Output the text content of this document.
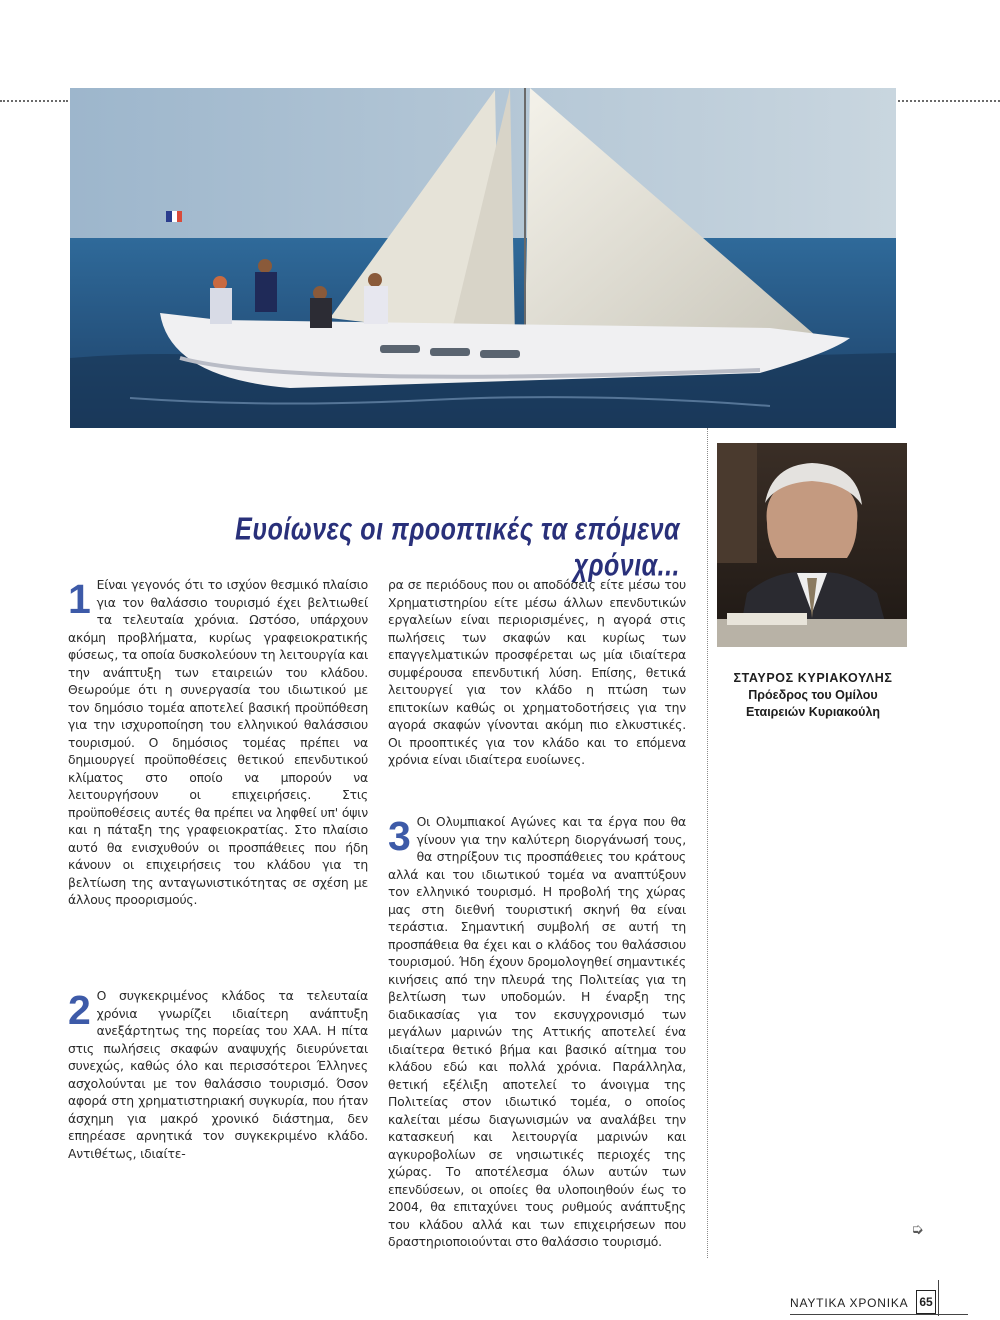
Ευοίωνες οι προοπτικές τα επόμενα χρόνια...
1 Είναι γεγονός ότι το ισχύον θεσμικό πλαίσιο για τον θαλάσσιο τουρισμό έχει βελτιωθεί τα τελευταία χρόνια. Ωστόσο, υπάρχουν ακόμη προβλήματα, κυρίως γραφειοκρατικής φύσεως, τα οποία δυσκολεύουν τη λειτουργία και την ανάπτυξη των εταιρειών του κλάδου. Θεωρούμε ότι η συνεργασία του ιδιωτικού με τον δημόσιο τομέα αποτελεί βασική προϋπόθεση για την ισχυροποίηση του ελληνικού θαλάσσιου τουρισμού. Ο δημόσιος τομέας πρέπει να δημιουργεί προϋποθέσεις θετικού επενδυτικού κλίματος στο οποίο να μπορούν να λειτουργήσουν οι επιχειρήσεις. Στις προϋποθέσεις αυτές θα πρέπει να ληφθεί υπ' όψιν και η πάταξη της γραφειοκρατίας. Στο πλαίσιο αυτό θα ενισχυθούν οι προσπάθειες που ήδη κάνουν οι επιχειρήσεις του κλάδου για τη βελτίωση της ανταγωνιστικότητας σε σχέση με άλλους προορισμούς.

2 Ο συγκεκριμένος κλάδος τα τελευταία χρόνια γνωρίζει ιδιαίτερη ανάπτυξη ανεξάρτητως της πορείας του ΧΑΑ. Η πίτα στις πωλήσεις σκαφών αναψυχής διευρύνεται συνεχώς, καθώς όλο και περισσότεροι Έλληνες ασχολούνται με τον θαλάσσιο τουρισμό. Όσον αφορά στη χρηματιστηριακή συγκυρία, που ήταν άσχημη για μακρό χρονικό διάστημα, δεν επηρέασε αρνητικά τον συγκεκριμένο κλάδο. Αντιθέτως, ιδιαίτε-

ρα σε περιόδους που οι αποδόσεις είτε μέσω του Χρηματιστηρίου είτε μέσω άλλων επενδυτικών εργαλείων είναι περιορισμένες, η αγορά στις πωλήσεις των σκαφών και κυρίως των επαγγελματικών προσφέρεται ως μία ιδιαίτερα συμφέρουσα επενδυτική λύση. Επίσης, θετικά λειτουργεί για τον κλάδο η πτώση των επιτοκίων καθώς οι χρηματοδοτήσεις για την αγορά σκαφών γίνονται ακόμη πιο ελκυστικές. Οι προοπτικές για τον κλάδο και το επόμενα χρόνια είναι ιδιαίτερα ευοίωνες.

3 Οι Ολυμπιακοί Αγώνες και τα έργα που θα γίνουν για την καλύτερη διοργάνωσή τους, θα στηρίξουν τις προσπάθειες του κράτους αλλά και του ιδιωτικού τομέα να αναπτύξουν τον ελληνικό τουρισμό. Η προβολή της χώρας μας στη διεθνή τουριστική σκηνή θα είναι τεράστια. Σημαντική συμβολή σε αυτή τη προσπάθεια θα έχει και ο κλάδος του θαλάσσιου τουρισμού. Ήδη έχουν δρομολογηθεί σημαντικές κινήσεις από την πλευρά της Πολιτείας για τη βελτίωση των υποδομών. Η έναρξη της διαδικασίας για τον εκσυγχρονισμό των μεγάλων μαρινών της Αττικής αποτελεί ένα ιδιαίτερα θετικό βήμα και βασικό αίτημα του κλάδου εδώ και πολλά χρόνια. Παράλληλα, θετική εξέλιξη αποτελεί το άνοιγμα της Πολιτείας στον ιδιωτικό τομέα, ο οποίος καλείται μέσω διαγωνισμών να αναλάβει την κατασκευή και λειτουργία μαρινών και αγκυροβολίων σε νησιωτικές περιοχές της χώρας. Το αποτέλεσμα όλων αυτών των επενδύσεων, οι οποίες θα υλοποιηθούν έως το 2004, θα επιταχύνει τους ρυθμούς ανάπτυξης του κλάδου αλλά και των επιχειρήσεων που δραστηριοποιούνται στο θαλάσσιο τουρισμό.

ΣΤΑΥΡΟΣ ΚΥΡΙΑΚΟΥΛΗΣ
Πρόεδρος του Ομίλου
Εταιρειών Κυριακούλη
➭
ΝΑΥΤΙΚΑ ΧΡΟΝΙΚΑ 65
